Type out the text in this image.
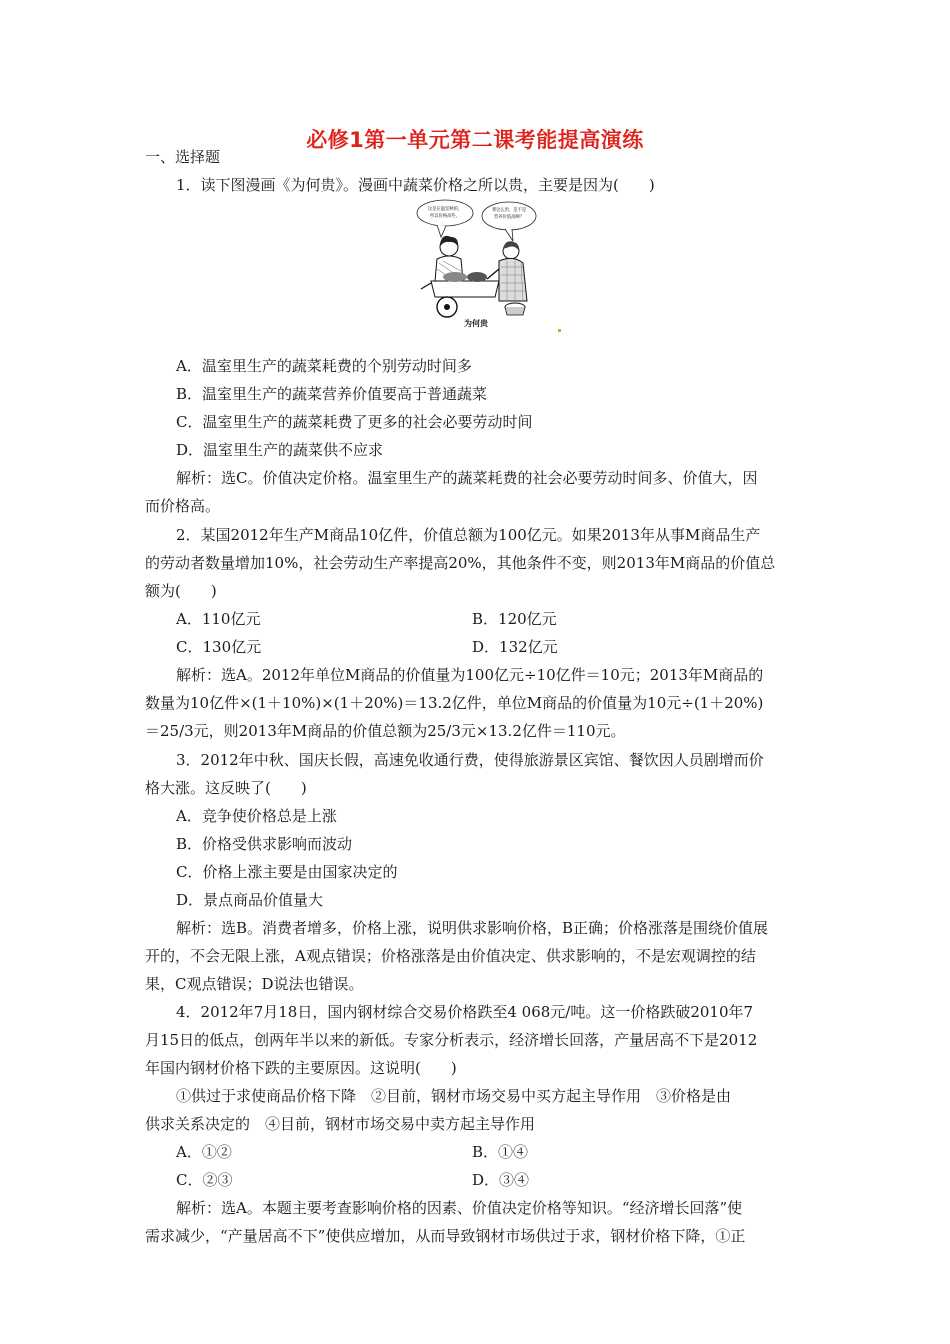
必修1第一单元第二课考能提高演练
一、选择题
1．读下图漫画《为何贵》。漫画中蔬菜价格之所以贵，主要是因为(　　)
这是在温室种的，
所以价格高些。
菜这么贵，是不是
营养价值高啊？
为何贵
A．温室里生产的蔬菜耗费的个别劳动时间多
B．温室里生产的蔬菜营养价值要高于普通蔬菜
C．温室里生产的蔬菜耗费了更多的社会必要劳动时间
D．温室里生产的蔬菜供不应求
解析：选C。价值决定价格。温室里生产的蔬菜耗费的社会必要劳动时间多、价值大，因
而价格高。
2．某国2012年生产M商品10亿件，价值总额为100亿元。如果2013年从事M商品生产
的劳动者数量增加10%，社会劳动生产率提高20%，其他条件不变，则2013年M商品的价值总
额为(　　)
A．110亿元	B．120亿元
C．130亿元	D．132亿元
解析：选A。2012年单位M商品的价值量为100亿元÷10亿件＝10元；2013年M商品的
数量为10亿件×(1＋10%)×(1＋20%)＝13.2亿件，单位M商品的价值量为10元÷(1＋20%)
＝25/3元，则2013年M商品的价值总额为25/3元×13.2亿件＝110元。
3．2012年中秋、国庆长假，高速免收通行费，使得旅游景区宾馆、餐饮因人员剧增而价
格大涨。这反映了(　　)
A．竞争使价格总是上涨
B．价格受供求影响而波动
C．价格上涨主要是由国家决定的
D．景点商品价值量大
解析：选B。消费者增多，价格上涨，说明供求影响价格，B正确；价格涨落是围绕价值展
开的，不会无限上涨，A观点错误；价格涨落是由价值决定、供求影响的，不是宏观调控的结
果，C观点错误；D说法也错误。
4．2012年7月18日，国内钢材综合交易价格跌至4 068元/吨。这一价格跌破2010年7
月15日的低点，创两年半以来的新低。专家分析表示，经济增长回落，产量居高不下是2012
年国内钢材价格下跌的主要原因。这说明(　　)
①供过于求使商品价格下降　②目前，钢材市场交易中买方起主导作用　③价格是由
供求关系决定的　④目前，钢材市场交易中卖方起主导作用
A．①②	B．①④
C．②③	D．③④
解析：选A。本题主要考查影响价格的因素、价值决定价格等知识。“经济增长回落”使
需求减少，“产量居高不下”使供应增加，从而导致钢材市场供过于求，钢材价格下降，①正
